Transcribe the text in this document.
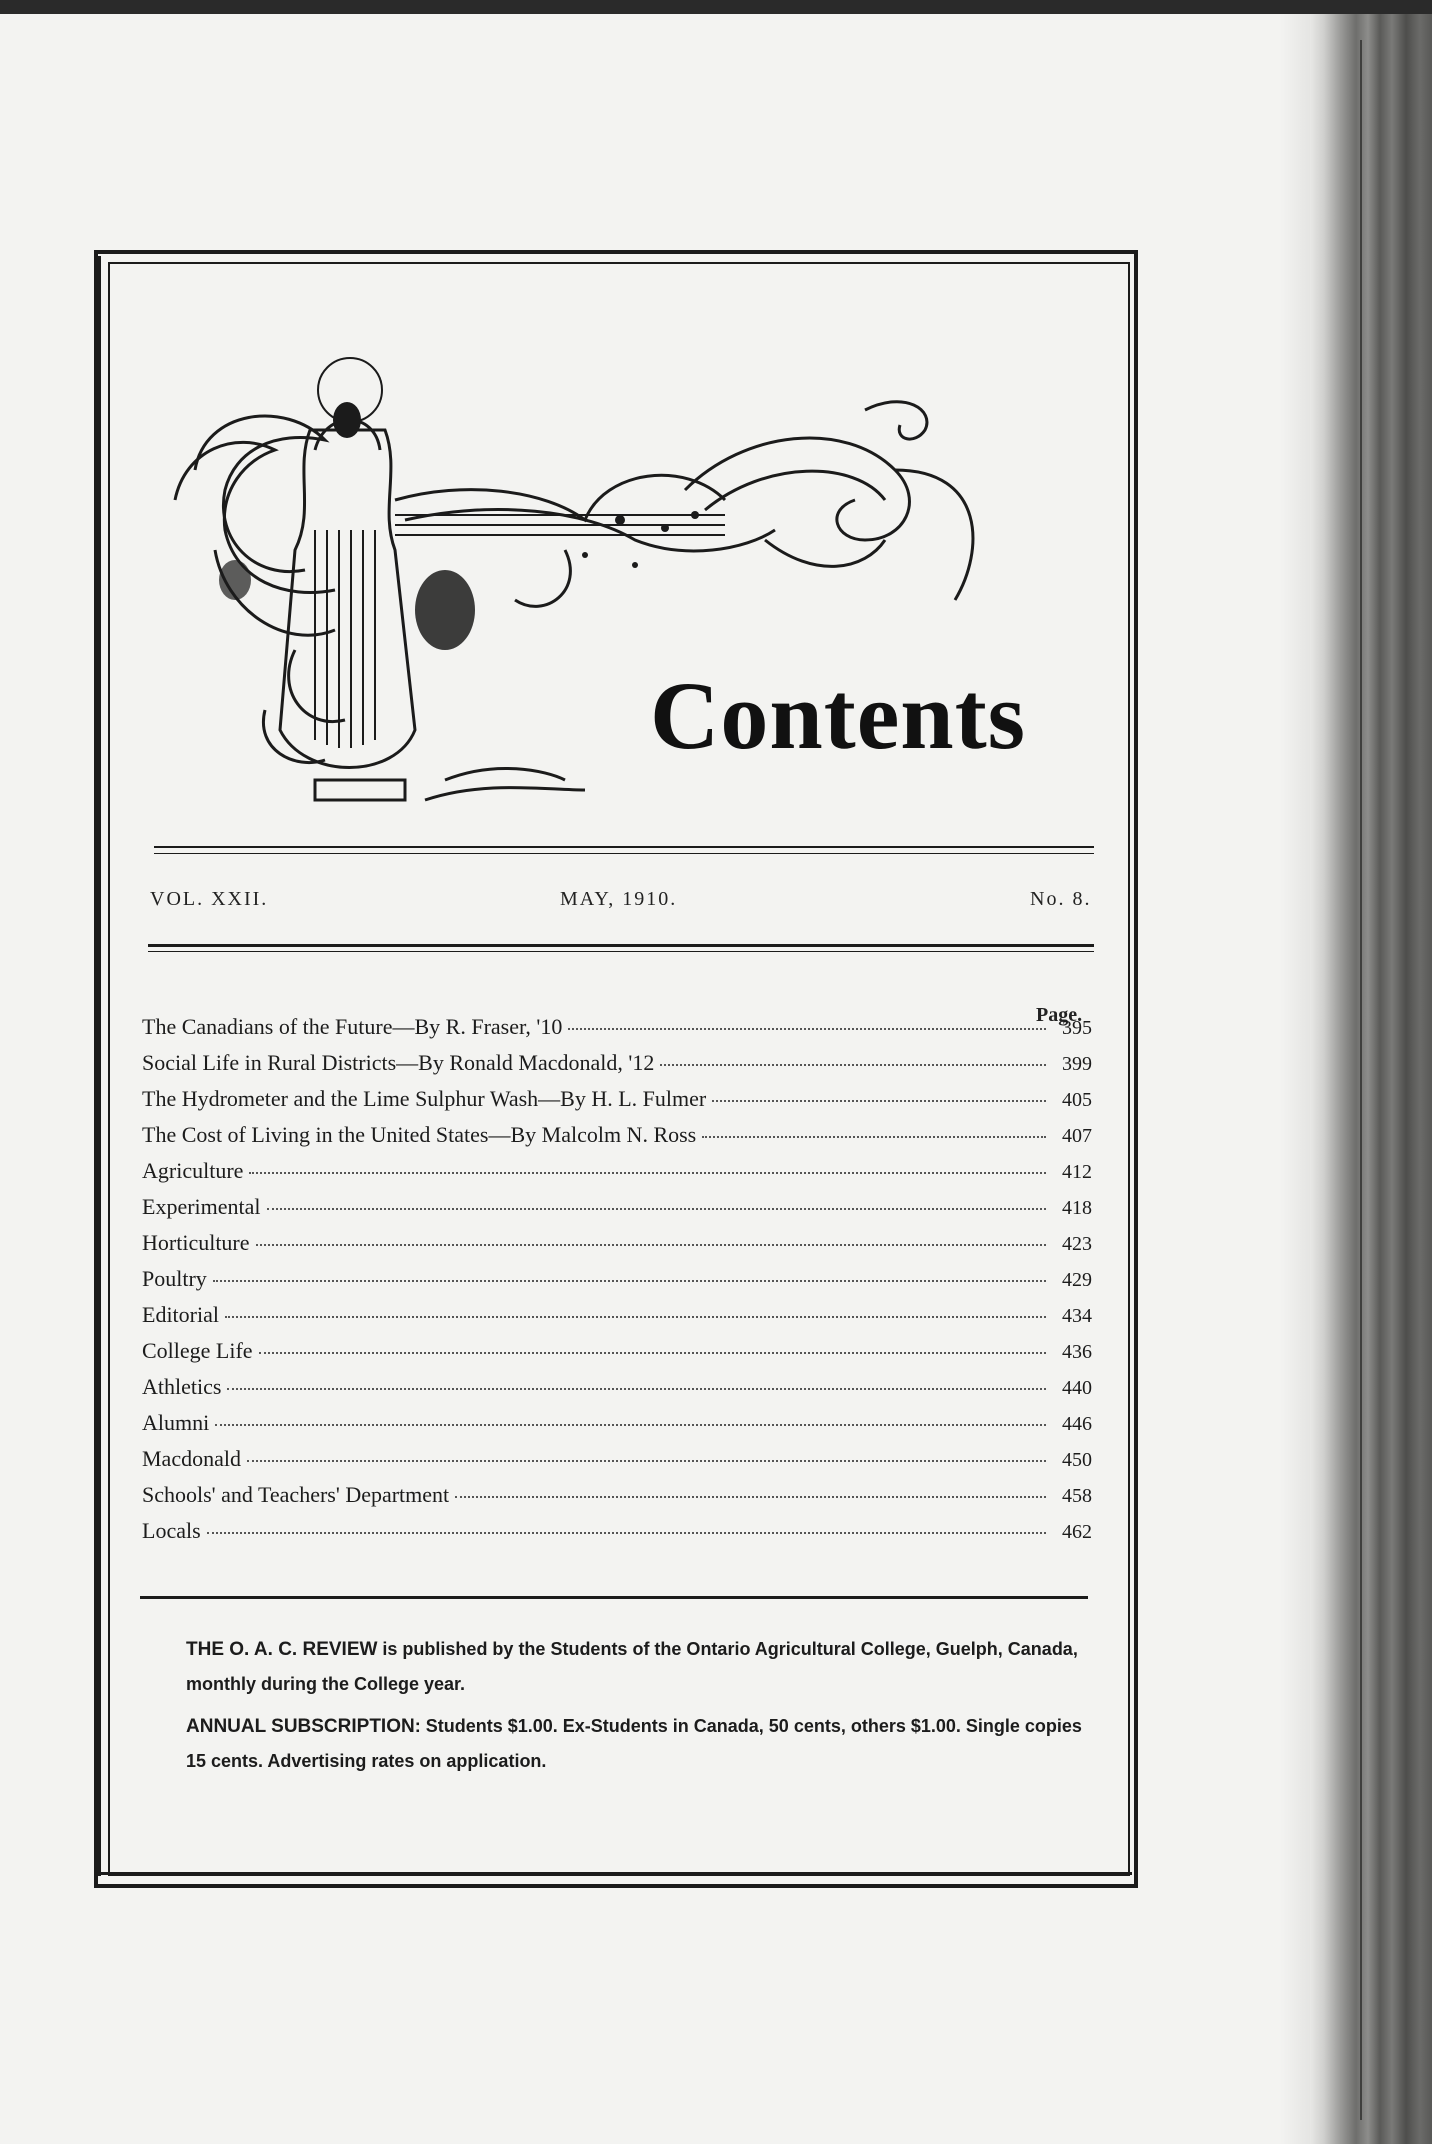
Contents
VOL. XXII.	MAY, 1910.	No. 8.
Page.
The Canadians of the Future—By R. Fraser, '10	395
Social Life in Rural Districts—By Ronald Macdonald, '12	399
The Hydrometer and the Lime Sulphur Wash—By H. L. Fulmer	405
The Cost of Living in the United States—By Malcolm N. Ross	407
Agriculture	412
Experimental	418
Horticulture	423
Poultry	429
Editorial	434
College Life	436
Athletics	440
Alumni	446
Macdonald	450
Schools' and Teachers' Department	458
Locals	462

THE O. A. C. REVIEW is published by the Students of the Ontario Agricultural College, Guelph, Canada, monthly during the College year.

ANNUAL SUBSCRIPTION: Students $1.00. Ex-Students in Canada, 50 cents, others $1.00. Single copies 15 cents. Advertising rates on application.
